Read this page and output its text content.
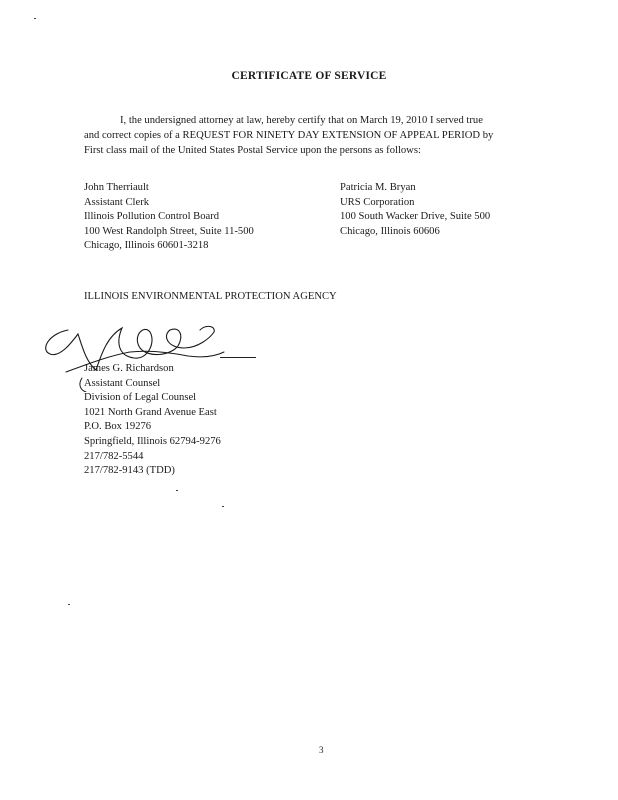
CERTIFICATE OF SERVICE
I, the undersigned attorney at law, hereby certify that on March 19, 2010 I served true
and correct copies of a REQUEST FOR NINETY DAY EXTENSION OF APPEAL PERIOD by
First class mail of the United States Postal Service upon the persons as follows:
John Therriault
Assistant Clerk
Illinois Pollution Control Board
100 West Randolph Street, Suite 11-500
Chicago, Illinois 60601-3218
Patricia M. Bryan
URS Corporation
100 South Wacker Drive, Suite 500
Chicago, Illinois 60606
ILLINOIS ENVIRONMENTAL PROTECTION AGENCY
James G. Richardson
Assistant Counsel
Division of Legal Counsel
1021 North Grand Avenue East
P.O. Box 19276
Springfield, Illinois 62794-9276
217/782-5544
217/782-9143 (TDD)
3
